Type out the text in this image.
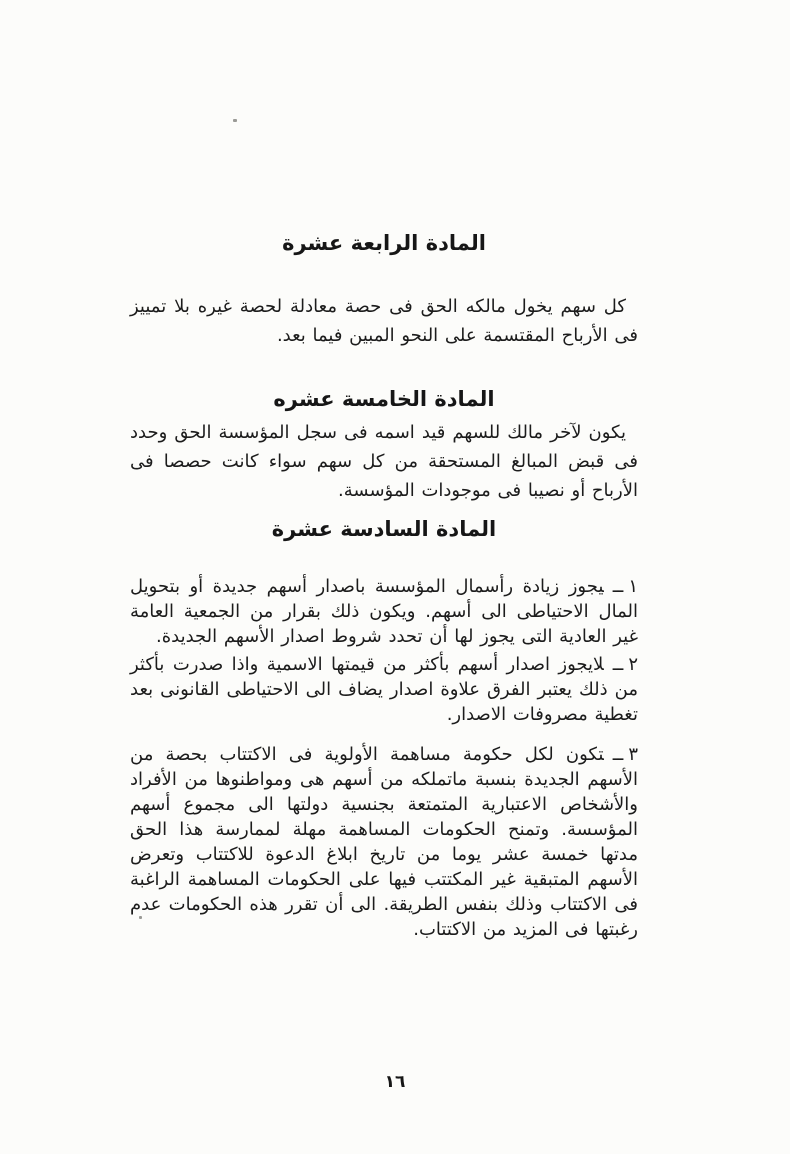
المادة الرابعة عشرة

كل سهم يخول مالكه الحق فى حصة معادلة لحصة غيره بلا تمييز فى الأرباح المقتسمة على النحو المبين فيما بعد.

المادة الخامسة عشره

يكون لآخر مالك للسهم قيد اسمه فى سجل المؤسسة الحق وحدد فى قبض المبالغ المستحقة من كل سهم سواء كانت حصصا فى الأرباح أو نصيبا فى موجودات المؤسسة.

المادة السادسة عشرة

١ــيجوز زيادة رأسمال المؤسسة باصدار أسهم جديدة أو بتحويل المال الاحتياطى الى أسهم. ويكون ذلك بقرار من الجمعية العامة غير العادية التى يجوز لها أن تحدد شروط اصدار الأسهم الجديدة.

٢ــلايجوز اصدار أسهم بأكثر من قيمتها الاسمية واذا صدرت بأكثر من ذلك يعتبر الفرق علاوة اصدار يضاف الى الاحتياطى القانونى بعد تغطية مصروفات الاصدار.

٣ــتكون لكل حكومة مساهمة الأولوية فى الاكتتاب بحصة من الأسهم الجديدة بنسبة ماتملكه من أسهم هى ومواطنوها من الأفراد والأشخاص الاعتبارية المتمتعة بجنسية دولتها الى مجموع أسهم المؤسسة. وتمنح الحكومات المساهمة مهلة لممارسة هذا الحق مدتها خمسة عشر يوما من تاريخ ابلاغ الدعوة للاكتتاب وتعرض الأسهم المتبقية غير المكتتب فيها على الحكومات المساهمة الراغبة فى الاكتتاب وذلك بنفس الطريقة. الى أن تقرر هذه الحكومات عدم رغبتها فى المزيد من الاكتتاب.

١٦
